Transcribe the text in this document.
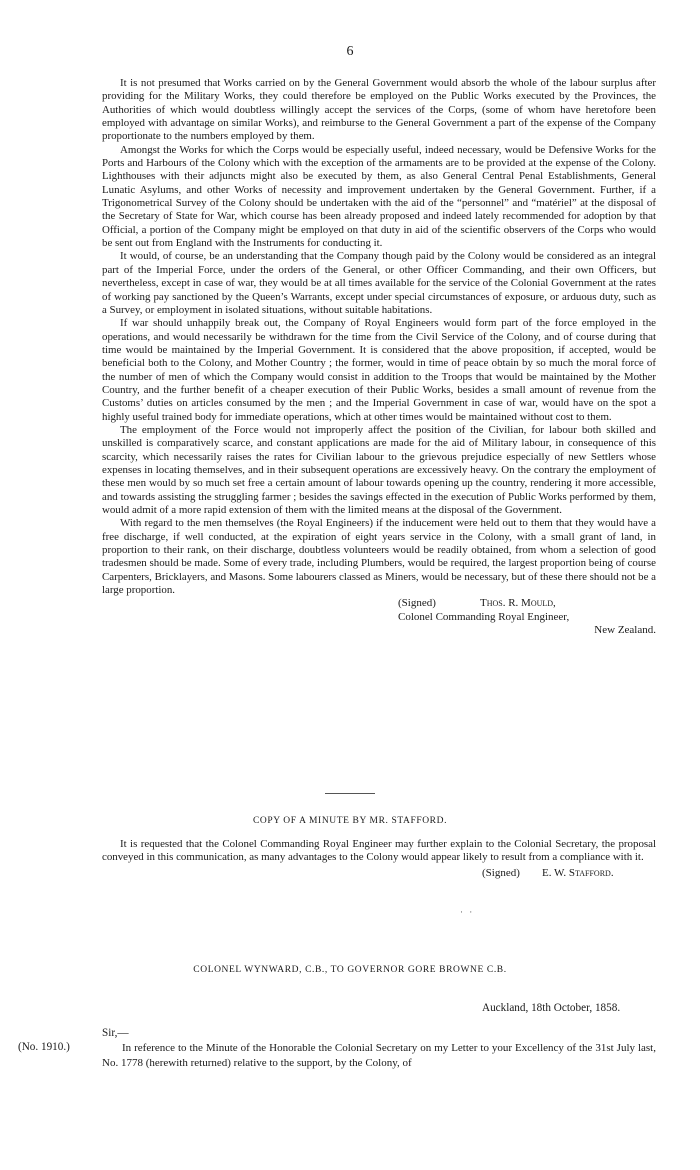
6

It is not presumed that Works carried on by the General Government would absorb the whole of the labour surplus after providing for the Military Works, they could therefore be employed on the Public Works executed by the Provinces, the Authorities of which would doubtless willingly accept the services of the Corps, (some of whom have heretofore been employed with advantage on similar Works), and reimburse to the General Government a part of the expense of the Company proportionate to the numbers employed by them.

Amongst the Works for which the Corps would be especially useful, indeed necessary, would be Defensive Works for the Ports and Harbours of the Colony which with the exception of the armaments are to be provided at the expense of the Colony. Lighthouses with their adjuncts might also be executed by them, as also General Central Penal Establishments, General Lunatic Asylums, and other Works of necessity and improvement undertaken by the General Government. Further, if a Trigonometrical Survey of the Colony should be undertaken with the aid of the “personnel” and “matériel” at the disposal of the Secretary of State for War, which course has been already proposed and indeed lately recommended for adoption by that Official, a portion of the Company might be employed on that duty in aid of the scientific observers of the Corps who would be sent out from England with the Instruments for conducting it.

It would, of course, be an understanding that the Company though paid by the Colony would be considered as an integral part of the Imperial Force, under the orders of the General, or other Officer Commanding, and their own Officers, but nevertheless, except in case of war, they would be at all times available for the service of the Colonial Government at the rates of working pay sanctioned by the Queen’s Warrants, except under special circumstances of exposure, or arduous duty, such as a Survey, or employment in isolated situations, without suitable habitations.

If war should unhappily break out, the Company of Royal Engineers would form part of the force employed in the operations, and would necessarily be withdrawn for the time from the Civil Service of the Colony, and of course during that time would be maintained by the Imperial Government. It is considered that the above proposition, if accepted, would be beneficial both to the Colony, and Mother Country ; the former, would in time of peace obtain by so much the moral force of the number of men of which the Company would consist in addition to the Troops that would be maintained by the Mother Country, and the further benefit of a cheaper execution of their Public Works, besides a small amount of revenue from the Customs’ duties on articles consumed by the men ; and the Imperial Government in case of war, would have on the spot a highly useful trained body for immediate operations, which at other times would be maintained without cost to them.

The employment of the Force would not improperly affect the position of the Civilian, for labour both skilled and unskilled is comparatively scarce, and constant applications are made for the aid of Military labour, in consequence of this scarcity, which necessarily raises the rates for Civilian labour to the grievous prejudice especially of new Settlers whose expenses in locating themselves, and in their subsequent operations are excessively heavy. On the contrary the employment of these men would by so much set free a certain amount of labour towards opening up the country, rendering it more accessible, and towards assisting the struggling farmer ; besides the savings effected in the execution of Public Works performed by them, would admit of a more rapid extension of them with the limited means at the disposal of the Government.

With regard to the men themselves (the Royal Engineers) if the inducement were held out to them that they would have a free discharge, if well conducted, at the expiration of eight years service in the Colony, with a small grant of land, in proportion to their rank, on their discharge, doubtless volunteers would be readily obtained, from whom a selection of good tradesmen should be made. Some of every trade, including Plumbers, would be required, the largest proportion being of course Carpenters, Bricklayers, and Masons. Some labourers classed as Miners, would be necessary, but of these there should not be a large proportion.

(Signed)	Thos. R. Mould,
Colonel Commanding Royal Engineer,
New Zealand.
COPY OF A MINUTE BY MR. STAFFORD.

It is requested that the Colonel Commanding Royal Engineer may further explain to the Colonial Secretary, the proposal conveyed in this communication, as many advantages to the Colony would appear likely to result from a compliance with it.

(Signed) E. W. Stafford.
· ·
COLONEL WYNWARD, C.B., TO GOVERNOR GORE BROWNE C.B.
Auckland, 18th October, 1858.
Sir,—
(No. 1910.)	In reference to the Minute of the Honorable the Colonial Secretary on my Letter to your Excellency of the 31st July last, No. 1778 (herewith returned) relative to the support, by the Colony, of
